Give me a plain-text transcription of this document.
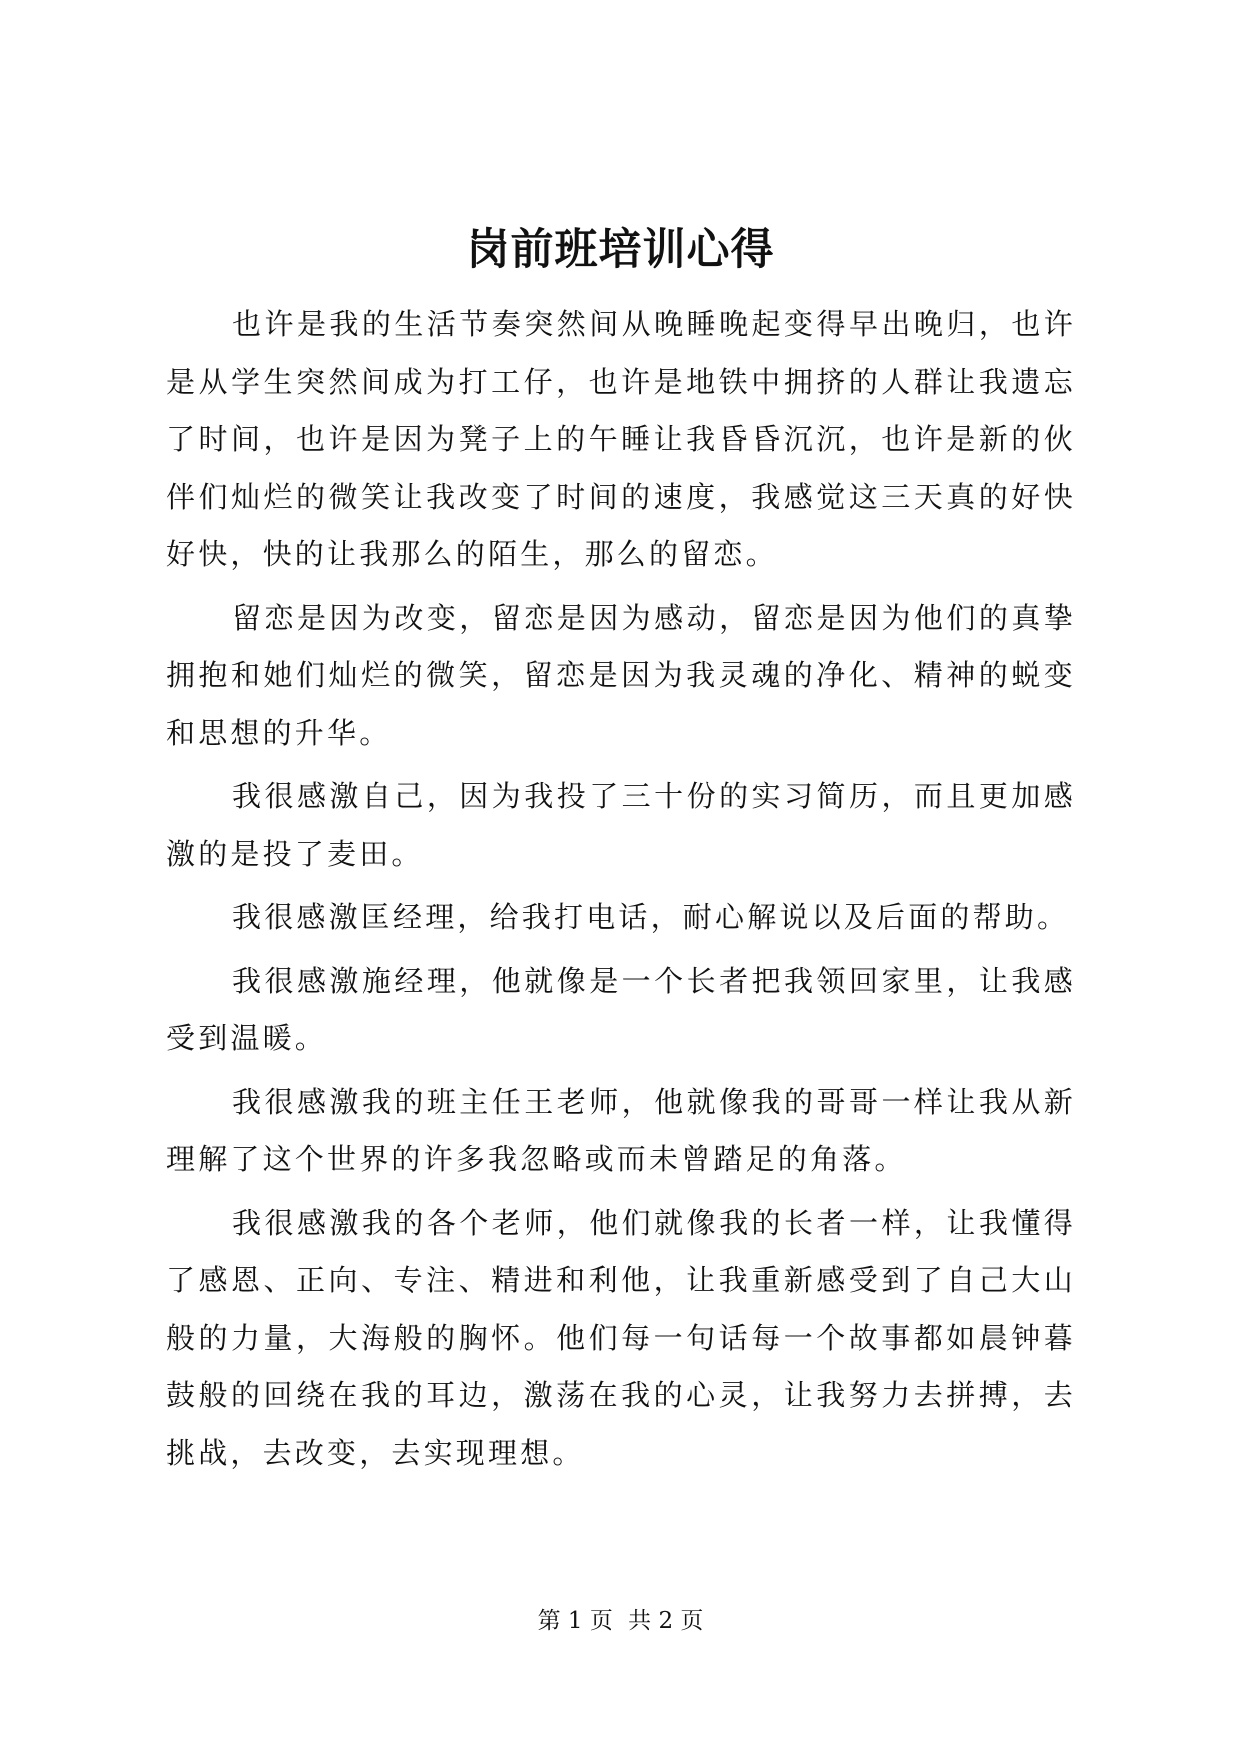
岗前班培训心得

也许是我的生活节奏突然间从晚睡晚起变得早出晚归，也许是从学生突然间成为打工仔，也许是地铁中拥挤的人群让我遗忘了时间，也许是因为凳子上的午睡让我昏昏沉沉，也许是新的伙伴们灿烂的微笑让我改变了时间的速度，我感觉这三天真的好快好快，快的让我那么的陌生，那么的留恋。

留恋是因为改变，留恋是因为感动，留恋是因为他们的真挚拥抱和她们灿烂的微笑，留恋是因为我灵魂的净化、精神的蜕变和思想的升华。

我很感激自己，因为我投了三十份的实习简历，而且更加感激的是投了麦田。

我很感激匡经理，给我打电话，耐心解说以及后面的帮助。

我很感激施经理，他就像是一个长者把我领回家里，让我感受到温暖。

我很感激我的班主任王老师，他就像我的哥哥一样让我从新理解了这个世界的许多我忽略或而未曾踏足的角落。

我很感激我的各个老师，他们就像我的长者一样，让我懂得了感恩、正向、专注、精进和利他，让我重新感受到了自己大山般的力量，大海般的胸怀。他们每一句话每一个故事都如晨钟暮鼓般的回绕在我的耳边，激荡在我的心灵，让我努力去拼搏，去挑战，去改变，去实现理想。

第 1 页 共 2 页
